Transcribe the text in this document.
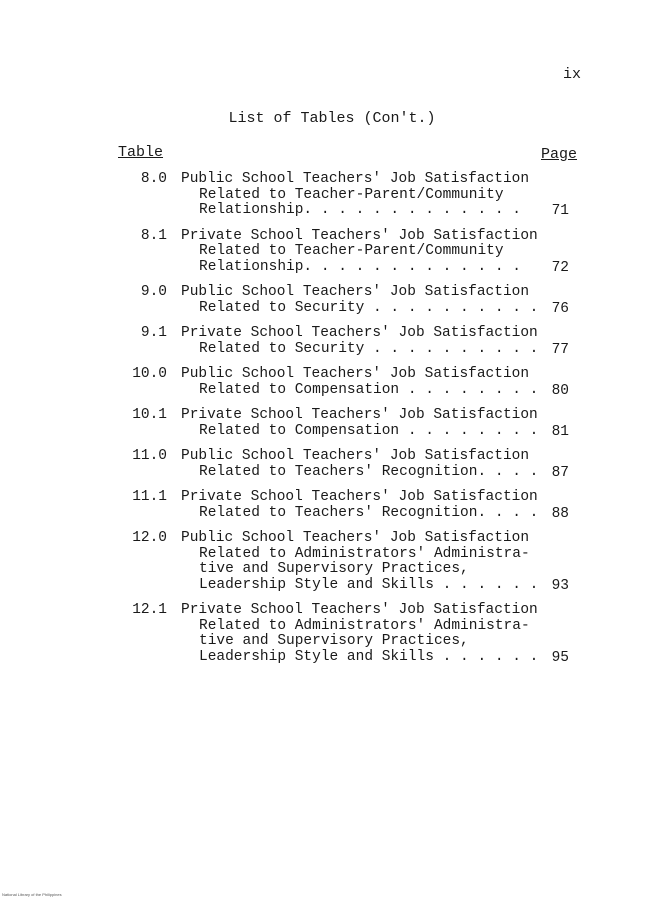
ix
List of Tables (Con't.)
Table	Page
8.0 Public School Teachers' Job Satisfaction
Related to Teacher-Parent/Community
Relationship. . . . . . . . . . . . .	71
8.1 Private School Teachers' Job Satisfaction
Related to Teacher-Parent/Community
Relationship. . . . . . . . . . . . .	72
9.0 Public School Teachers' Job Satisfaction
Related to Security . . . . . . . . . . 76
9.1 Private School Teachers' Job Satisfaction
Related to Security . . . . . . . . . . 77
10.0 Public School Teachers' Job Satisfaction
Related to Compensation . . . . . . . . 80
10.1 Private School Teachers' Job Satisfaction
Related to Compensation . . . . . . . . 81
11.0 Public School Teachers' Job Satisfaction
Related to Teachers' Recognition. . . . 87
11.1 Private School Teachers' Job Satisfaction
Related to Teachers' Recognition. . . . 88
12.0 Public School Teachers' Job Satisfaction
Related to Administrators' Administra-
tive and Supervisory Practices,
Leadership Style and Skills . . . . . . 93
12.1 Private School Teachers' Job Satisfaction
Related to Administrators' Administra-
tive and Supervisory Practices,
Leadership Style and Skills . . . . . . 95
National Library of the Philippines
